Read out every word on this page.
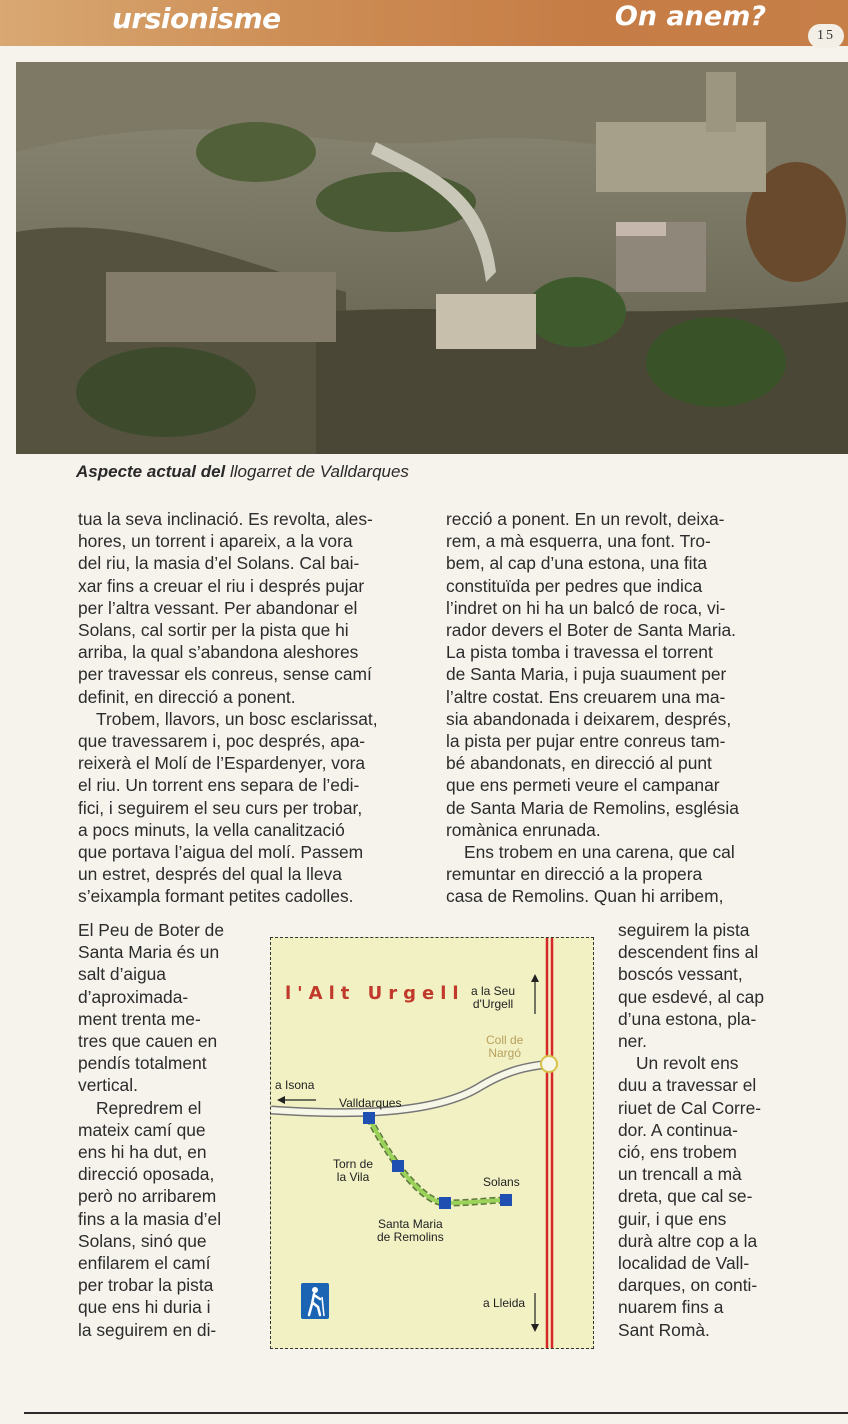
ursionisme	On anem?
15
Aspecte actual del llogarret de Valldarques

tua la seva inclinació. Es revolta, ales-
hores, un torrent i apareix, a la vora
del riu, la masia d’el Solans. Cal bai-
xar fins a creuar el riu i després pujar
per l’altra vessant. Per abandonar el
Solans, cal sortir per la pista que hi
arriba, la qual s’abandona aleshores
per travessar els conreus, sense camí
definit, en direcció a ponent.

Trobem, llavors, un bosc esclarissat,
que travessarem i, poc després, apa-
reixerà el Molí de l’Espardenyer, vora
el riu. Un torrent ens separa de l’edi-
fici, i seguirem el seu curs per trobar,
a pocs minuts, la vella canalització
que portava l’aigua del molí. Passem
un estret, després del qual la lleva
s’eixampla formant petites cadolles.

El Peu de Boter de
Santa Maria és un
salt d’aigua
d’aproximada-
ment trenta me-
tres que cauen en
pendís totalment
vertical.

Repredrem el
mateix camí que
ens hi ha dut, en
direcció oposada,
però no arribarem
fins a la masia d’el
Solans, sinó que
enfilarem el camí
per trobar la pista
que ens hi duria i
la seguirem en di-

recció a ponent. En un revolt, deixa-
rem, a mà esquerra, una font. Tro-
bem, al cap d’una estona, una fita
constituïda per pedres que indica
l’indret on hi ha un balcó de roca, vi-
rador devers el Boter de Santa Maria.
La pista tomba i travessa el torrent
de Santa Maria, i puja suaument per
l’altre costat. Ens creuarem una ma-
sia abandonada i deixarem, després,
la pista per pujar entre conreus tam-
bé abandonats, en direcció al punt
que ens permeti veure el campanar
de Santa Maria de Remolins, església
romànica enrunada.

Ens trobem en una carena, que cal
remuntar en direcció a la propera
casa de Remolins. Quan hi arribem,

seguirem la pista
descendent fins al
boscós vessant,
que esdevé, al cap
d’una estona, pla-
ner.

Un revolt ens
duu a travessar el
riuet de Cal Corre-
dor. A continua-
ció, ens trobem
un trencall a mà
dreta, que cal se-
guir, i que ens
durà altre cop a la
localidad de Vall-
darques, on conti-
nuarem fins a
Sant Romà.

l'Alt Urgell a la Seu
d'Urgell
Coll de
Nargó
a Isona
Valldarques
Torn de
la Vila	Solans
Santa Maria
de Remolins
a Lleida
